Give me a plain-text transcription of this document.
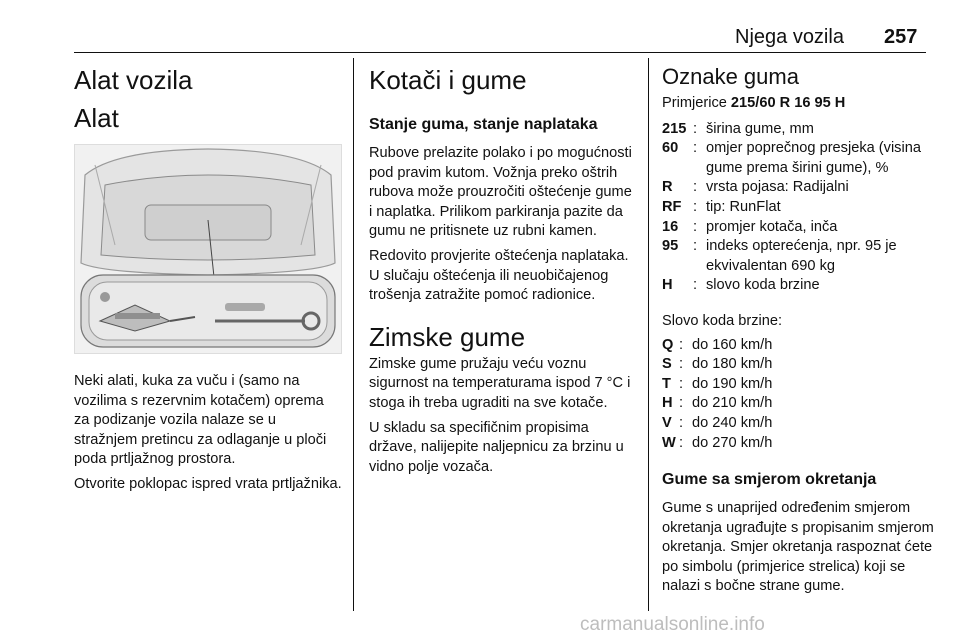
Njega vozila 257
Alat vozila
Alat

Neki alati, kuka za vuču i (samo na vozilima s rezervnim kotačem) oprema za podizanje vozila nalaze se u stražnjem pretincu za odlaganje u ploči poda prtljažnog prostora.

Otvorite poklopac ispred vrata prtljažnika.

Kotači i gume
Stanje guma, stanje naplataka

Rubove prelazite polako i po mogućnosti pod pravim kutom. Vožnja preko oštrih rubova može prouzročiti oštećenje gume i naplatka. Prilikom parkiranja pazite da gumu ne pritisnete uz rubni kamen.

Redovito provjerite oštećenja naplataka. U slučaju oštećenja ili neuobičajenog trošenja zatražite pomoć radionice.

Zimske gume

Zimske gume pružaju veću voznu sigurnost na temperaturama ispod 7 °C i stoga ih treba ugraditi na sve kotače.

U skladu sa specifičnim propisima države, nalijepite naljepnicu za brzinu u vidno polje vozača.

Oznake guma
Primjerice 215/60 R 16 95 H
215 : širina gume, mm
60	: omjer poprečnog presjeka (visina gume prema širini gume), %
R	: vrsta pojasa: Radijalni
RF : tip: RunFlat
16	: promjer kotača, inča
95	: indeks opterećenja, npr. 95 je ekvivalentan 690 kg
H	: slovo koda brzine

Slovo koda brzine:

Q : do 160 km/h
S : do 180 km/h
T : do 190 km/h
H : do 210 km/h
V : do 240 km/h
W : do 270 km/h
Gume sa smjerom okretanja

Gume s unaprijed određenim smjerom okretanja ugrađujte s propisanim smjerom okretanja. Smjer okretanja raspoznat ćete po simbolu (primjerice strelica) koji se nalazi s bočne strane gume.

carmanualsonline.info
